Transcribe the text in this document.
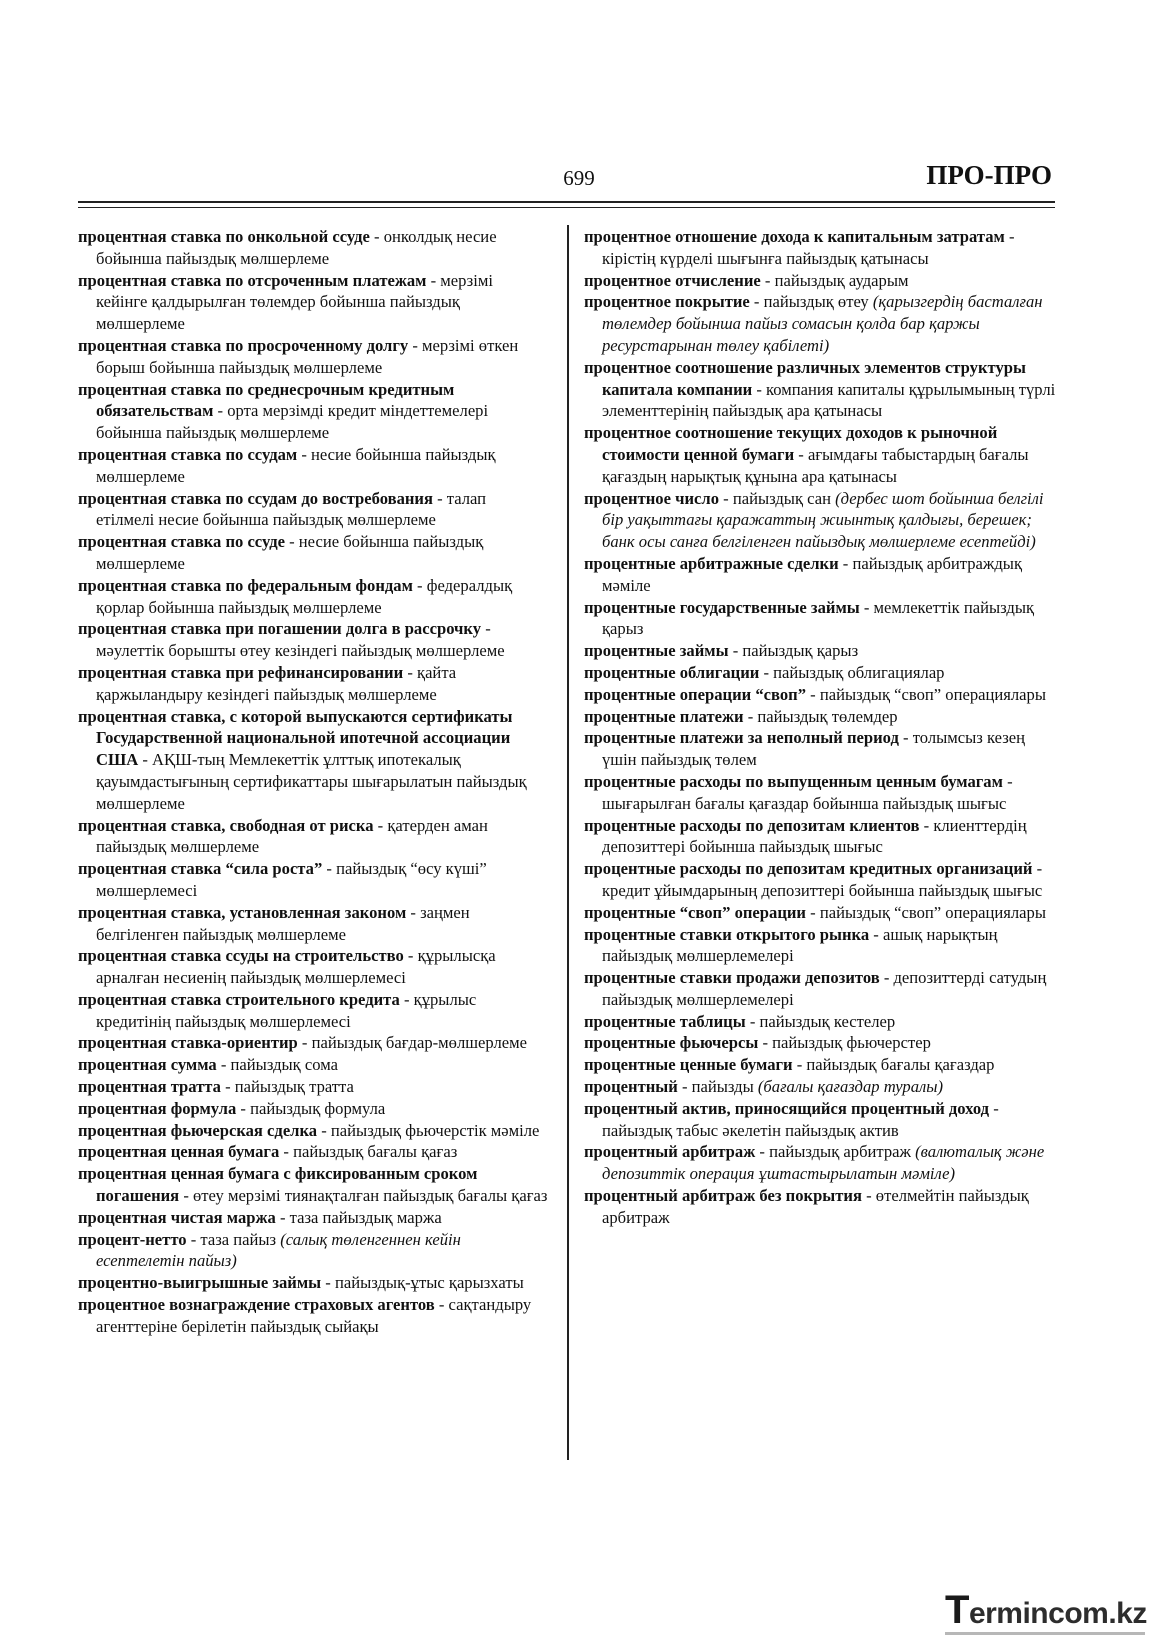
699	ПРО-ПРО

процентная ставка по онкольной ссуде - онколдық несие бойынша пайыздық мөлшерлеме

процентная ставка по отсроченным платежам - мерзімі кейінге қалдырылған төлемдер бойынша пайыздық мөлшерлеме

процентная ставка по просроченному долгу - мерзімі өткен борыш бойынша пайыздық мөлшерлеме

процентная ставка по среднесрочным кредитным обязательствам - орта мерзімді кредит міндеттемелері бойынша пайыздық мөлшерлеме

процентная ставка по ссудам - несие бойынша пайыздық мөлшерлеме

процентная ставка по ссудам до востребования - талап етілмелі несие бойынша пайыздық мөлшерлеме

процентная ставка по ссуде - несие бойынша пайыздық мөлшерлеме

процентная ставка по федеральным фондам - федералдық қорлар бойынша пайыздық мөлшерлеме

процентная ставка при погашении долга в рассрочку - мәулеттік борышты өтеу кезіндегі пайыздық мөлшерлеме

процентная ставка при рефинансировании - қайта қаржыландыру кезіндегі пайыздық мөлшерлеме

процентная ставка, с которой выпускаются сертификаты Государственной национальной ипотечной ассоциации США - АҚШ-тың Мемлекеттік ұлттық ипотекалық қауымдастығының сертификаттары шығарылатын пайыздық мөлшерлеме

процентная ставка, свободная от риска - қатерден аман пайыздық мөлшерлеме

процентная ставка “сила роста” - пайыздық “өсу күші” мөлшерлемесі

процентная ставка, установленная законом - заңмен белгіленген пайыздық мөлшерлеме

процентная ставка ссуды на строительство - құрылысқа арналған несиенің пайыздық мөлшерлемесі

процентная ставка строительного кредита - құрылыс кредитінің пайыздық мөлшерлемесі

процентная ставка-ориентир - пайыздық бағдар-мөлшерлеме

процентная сумма - пайыздық сома

процентная тратта - пайыздық тратта

процентная формула - пайыздық формула

процентная фьючерская сделка - пайыздық фьючерстік мәміле

процентная ценная бумага - пайыздық бағалы қағаз

процентная ценная бумага с фиксированным сроком погашения - өтеу мерзімі тиянақталған пайыздық бағалы қағаз

процентная чистая маржа - таза пайыздық маржа

процент-нетто - таза пайыз (салық төленгеннен кейін есептелетін пайыз)

процентно-выигрышные займы - пайыздық-ұтыс қарызхаты

процентное вознаграждение страховых агентов - сақтандыру агенттеріне берілетін пайыздық сыйақы

процентное отношение дохода к капитальным затратам - кірістің күрделі шығынға пайыздық қатынасы

процентное отчисление - пайыздық аударым

процентное покрытие - пайыздық өтеу (қарызгердің басталған төлемдер бойынша пайыз сомасын қолда бар қаржы ресурстарынан төлеу қабілеті)

процентное соотношение различных элементов структуры капитала компании - компания капиталы құрылымының түрлі элементтерінің пайыздық ара қатынасы

процентное соотношение текущих доходов к рыночной стоимости ценной бумаги - ағымдағы табыстардың бағалы қағаздың нарықтық құнына ара қатынасы

процентное число - пайыздық сан (дербес шот бойынша белгілі бір уақыттағы қаражаттың жиынтық қалдығы, берешек; банк осы санға белгіленген пайыздық мөлшерлеме есептейді)

процентные арбитражные сделки - пайыздық арбитраждық мәміле

процентные государственные займы - мемлекеттік пайыздық қарыз

процентные займы - пайыздық қарыз

процентные облигации - пайыздық облигациялар

процентные операции “своп” - пайыздық “своп” операциялары

процентные платежи - пайыздық төлемдер

процентные платежи за неполный период - толымсыз кезең үшін пайыздық төлем

процентные расходы по выпущенным ценным бумагам - шығарылған бағалы қағаздар бойынша пайыздық шығыс

процентные расходы по депозитам клиентов - клиенттердің депозиттері бойынша пайыздық шығыс

процентные расходы по депозитам кредитных организаций - кредит ұйымдарының депозиттері бойынша пайыздық шығыс

процентные “своп” операции - пайыздық “своп” операциялары

процентные ставки открытого рынка - ашық нарықтың пайыздық мөлшерлемелері

процентные ставки продажи депозитов - депозиттерді сатудың пайыздық мөлшерлемелері

процентные таблицы - пайыздық кестелер

процентные фьючерсы - пайыздық фьючерстер

процентные ценные бумаги - пайыздық бағалы қағаздар

процентный - пайызды (бағалы қағаздар туралы)

процентный актив, приносящийся процентный доход - пайыздық табыс әкелетін пайыздық актив

процентный арбитраж - пайыздық арбитраж (валюталық және депозиттік операция ұштастырылатын мәміле)

процентный арбитраж без покрытия - өтелмейтін пайыздық арбитраж

Termincom.kz
